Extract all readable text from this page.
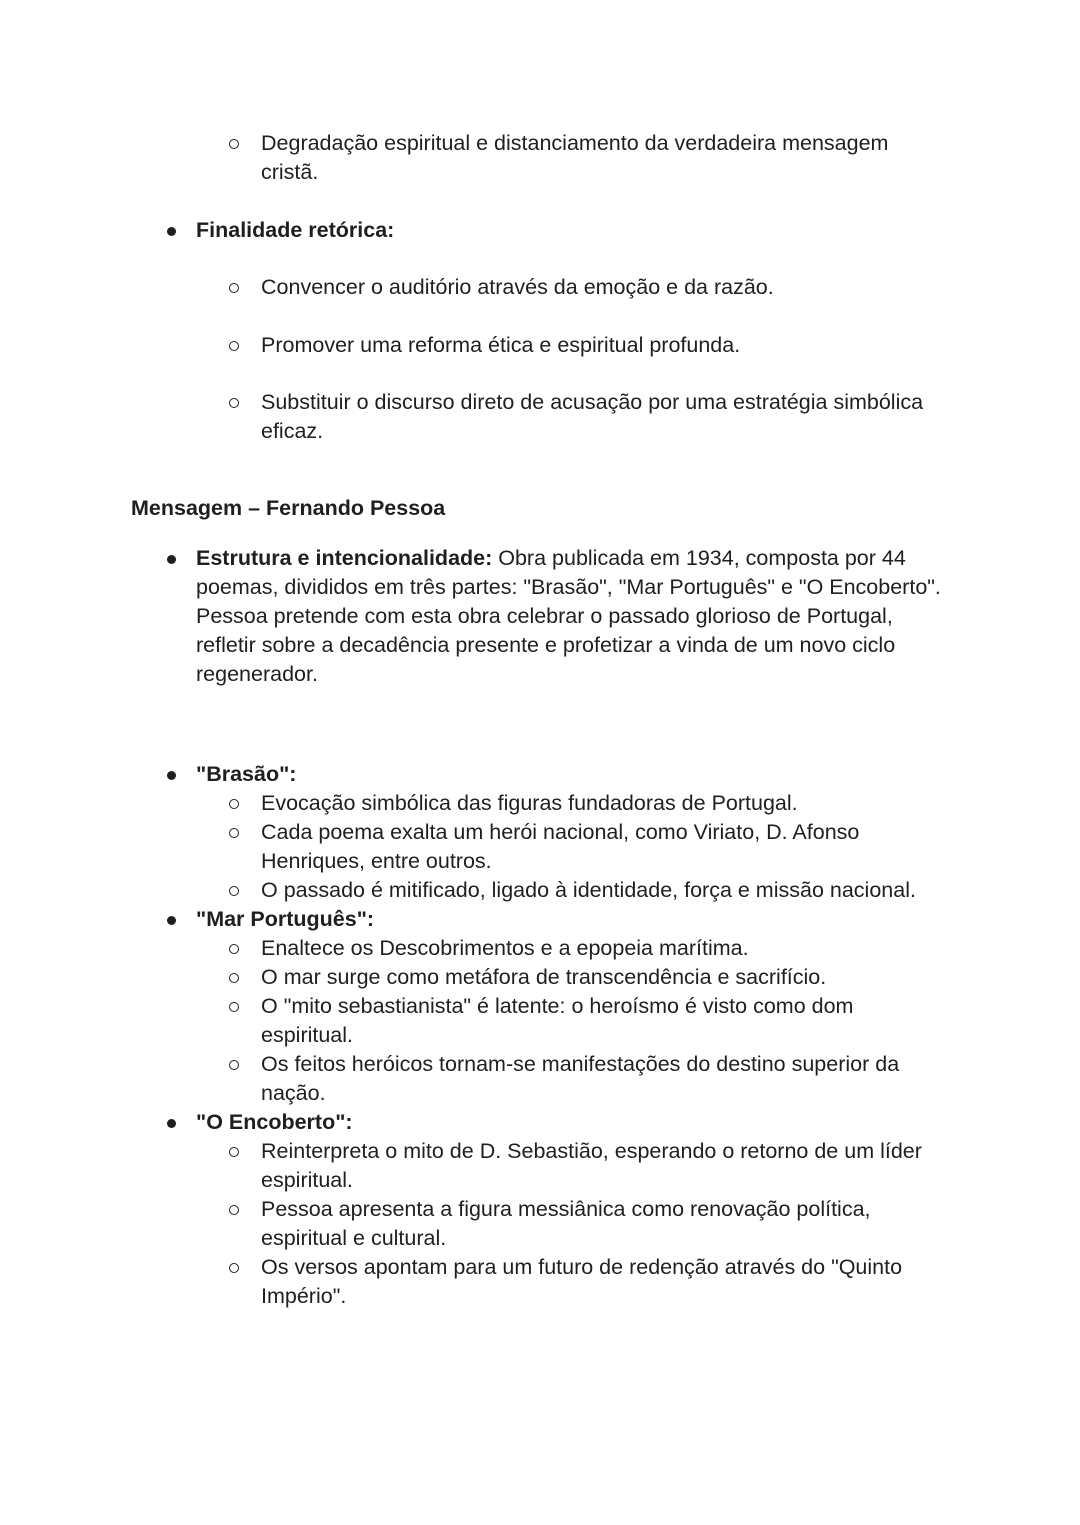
Degradação espiritual e distanciamento da verdadeira mensagem cristã.

Finalidade retórica:

Convencer o auditório através da emoção e da razão.

Promover uma reforma ética e espiritual profunda.

Substituir o discurso direto de acusação por uma estratégia simbólica eficaz.

Mensagem – Fernando Pessoa

Estrutura e intencionalidade: Obra publicada em 1934, composta por 44 poemas, divididos em três partes: "Brasão", "Mar Português" e "O Encoberto". Pessoa pretende com esta obra celebrar o passado glorioso de Portugal, refletir sobre a decadência presente e profetizar a vinda de um novo ciclo regenerador.

"Brasão":

Evocação simbólica das figuras fundadoras de Portugal.

Cada poema exalta um herói nacional, como Viriato, D. Afonso Henriques, entre outros.

O passado é mitificado, ligado à identidade, força e missão nacional.

"Mar Português":

Enaltece os Descobrimentos e a epopeia marítima.

O mar surge como metáfora de transcendência e sacrifício.

O "mito sebastianista" é latente: o heroísmo é visto como dom espiritual.

Os feitos heróicos tornam-se manifestações do destino superior da nação.

"O Encoberto":

Reinterpreta o mito de D. Sebastião, esperando o retorno de um líder espiritual.

Pessoa apresenta a figura messiânica como renovação política, espiritual e cultural.

Os versos apontam para um futuro de redenção através do "Quinto Império".
